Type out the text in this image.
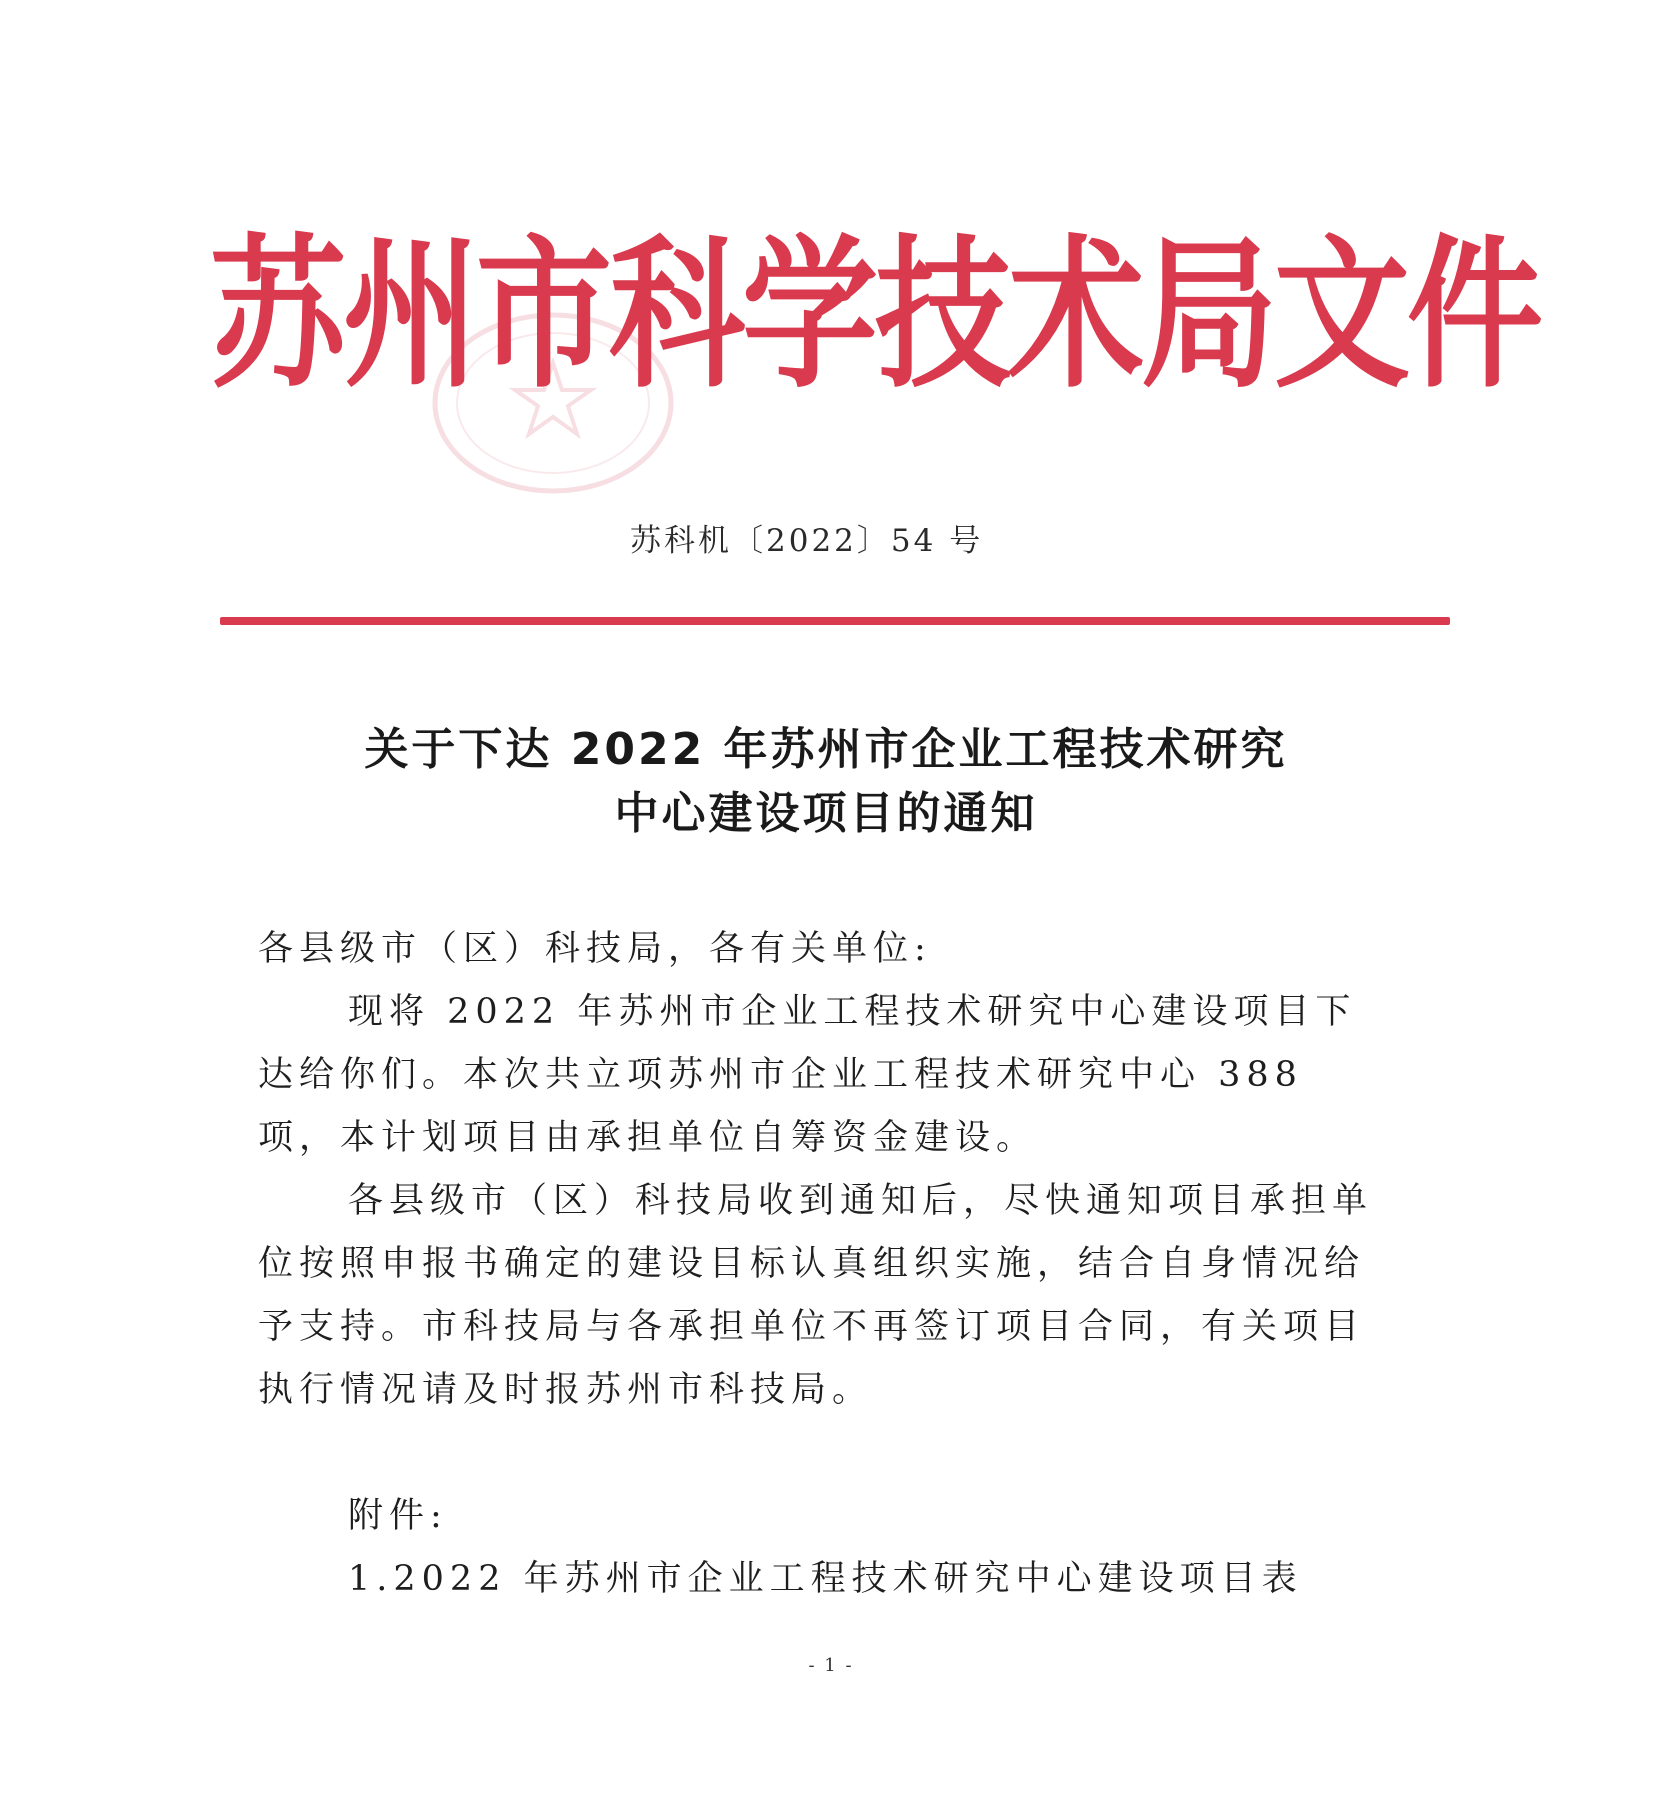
苏州市科学技术局文件
苏科机〔2022〕54 号
关于下达 2022 年苏州市企业工程技术研究
中心建设项目的通知

各县级市（区）科技局，各有关单位:

现将 2022 年苏州市企业工程技术研究中心建设项目下达给你们。本次共立项苏州市企业工程技术研究中心 388 项，本计划项目由承担单位自筹资金建设。

各县级市（区）科技局收到通知后，尽快通知项目承担单位按照申报书确定的建设目标认真组织实施，结合自身情况给予支持。市科技局与各承担单位不再签订项目合同，有关项目执行情况请及时报苏州市科技局。

附件:

1.2022 年苏州市企业工程技术研究中心建设项目表

- 1 -
